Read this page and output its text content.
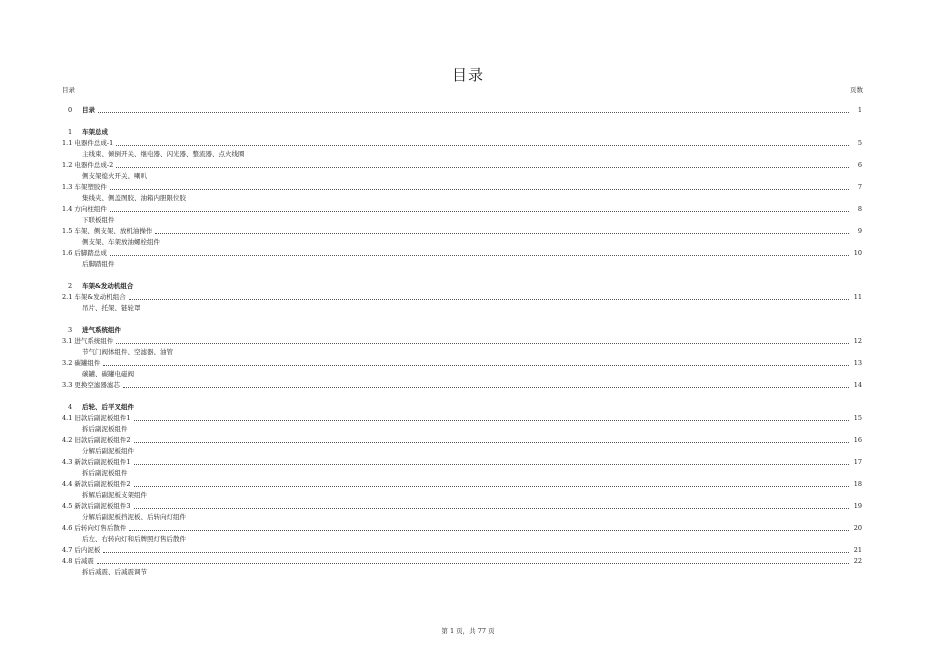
目录
目录	页数
0	目录	1
1	车架总成
1.1 电器件总成-1	5
主线束、倾倒开关、继电器、闪光器、整流器、点火线圈
1.2 电器件总成-2	6
侧支架熄火开关、喇叭
1.3 车架塑胶件	7
集线夹、侧盖图胶、油箱内胆限位胶
1.4 方向柱组件	8
下联板组件
1.5 车架、侧支架、放机油操作	9
侧支架、车架放油螺栓组件
1.6 后脚踏总成	10
后脚踏组件
2	车架&发动机组合
2.1 车架&发动机组合	11
吊片、托架、链轮罩
3	进气系统组件
3.1 进气系统组件	12
节气门阀体组件、空滤器、油管
3.2 碳罐组件	13
碳罐、碳罐电磁阀
3.3 更换空滤器滤芯	14
4	后轮、后平叉组件
4.1 旧款后副泥板组件1	15
拆后副泥板组件
4.2 旧款后副泥板组件2	16
分解后副泥板组件
4.3 新款后副泥板组件1	17
拆后副泥板组件
4.4 新款后副泥板组件2	18
拆解后副泥板支架组件
4.5 新款后副泥板组件3	19
分解后副泥板挡泥板、后转向灯组件
4.6 后转向灯售后散件	20
后左、右转向灯和后牌照灯售后散件
4.7 后内泥板	21
4.8 后减震	22
拆后减震、后减震调节
第 1 页，共 77 页
